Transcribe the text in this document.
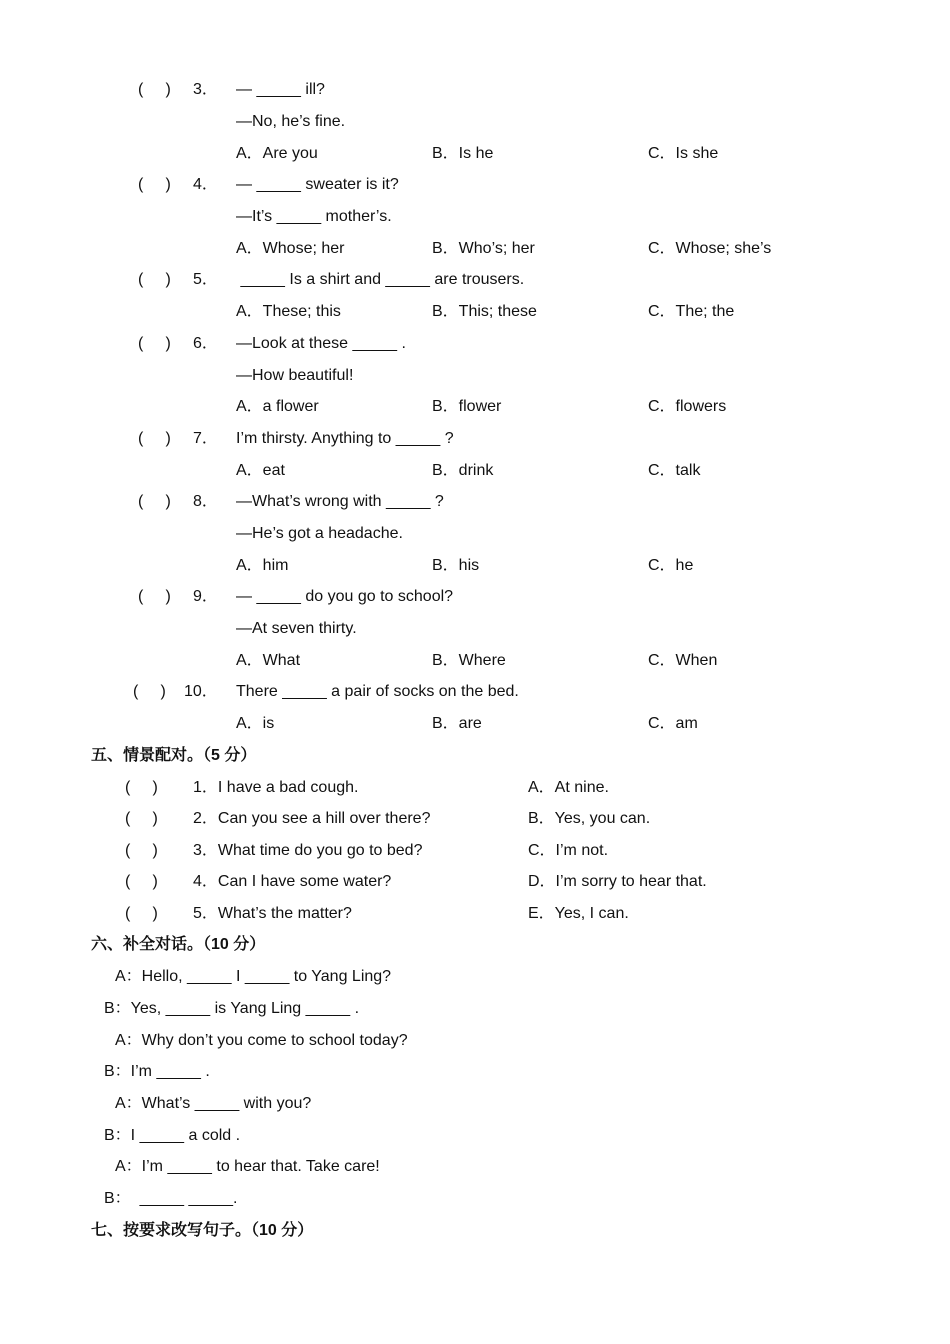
(     ) 3． — _____ ill?
—No, he’s fine.
A．Are you	B．Is he	C．Is she
(     ) 4． — _____ sweater is it?
—It’s _____ mother’s.
A．Whose; her	B．Who’s; her	C．Whose; she’s
(     ) 5． _____ Is a shirt and _____ are trousers.
A．These; this	B．This; these	C．The; the
(     ) 6． —Look at these _____ .
—How beautiful!
A．a flower	B．flower	C．flowers
(     ) 7． I’m thirsty. Anything to _____ ?
A．eat	B．drink	C．talk
(     ) 8． —What’s wrong with _____ ?
—He’s got a headache.
A．him	B．his	C．he
(     ) 9． — _____ do you go to school?
—At seven thirty.
A．What	B．Where	C．When
(     ) 10． There _____ a pair of socks on the bed.
A．is	B．are	C．am
五、情景配对。（5 分）
(     ) 1．I have a bad cough.	A．At nine.
(     ) 2．Can you see a hill over there?	B．Yes, you can.
(     ) 3．What time do you go to bed?	C．I’m not.
(     ) 4．Can I have some water?	D．I’m sorry to hear that.
(     ) 5．What’s the matter?	E．Yes, I can.
六、补全对话。（10 分）
A：Hello, _____ I _____ to Yang Ling?
B：Yes, _____ is Yang Ling _____ .
A：Why don’t you come to school today?
B：I’m _____ .
A：What’s _____ with you?
B：I _____ a cold .
A：I’m _____ to hear that. Take care!
B：  _____ _____.
七、按要求改写句子。（10 分）
